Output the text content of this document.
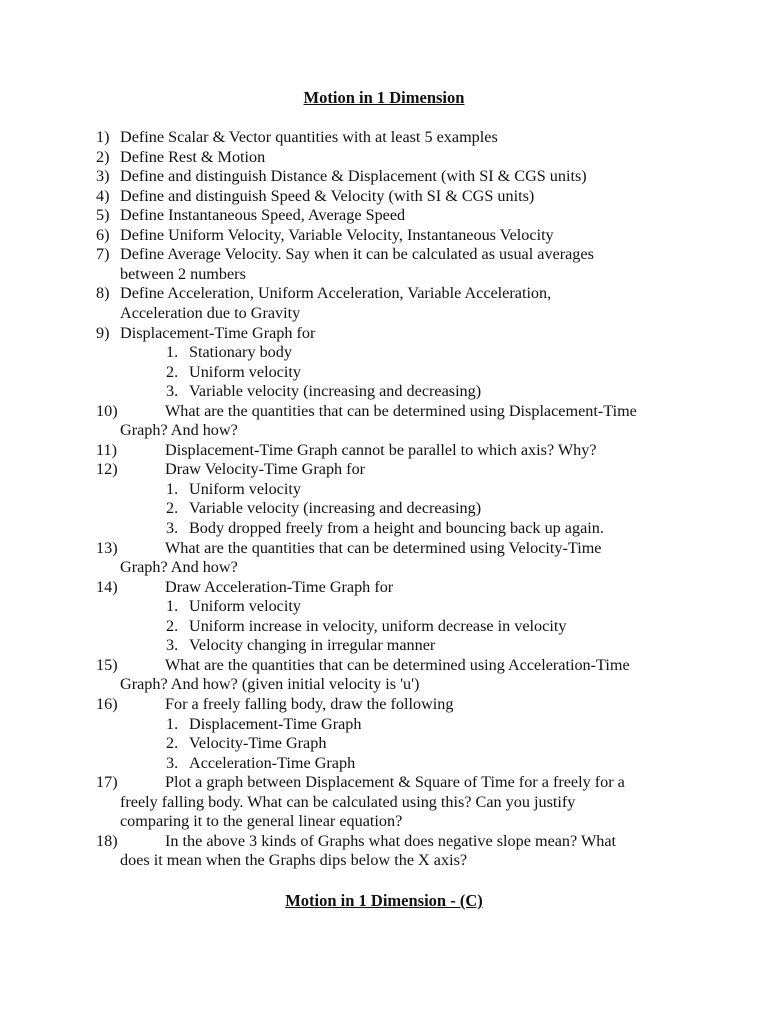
Motion in 1 Dimension
1) Define Scalar & Vector quantities with at least 5 examples
2) Define Rest & Motion
3) Define and distinguish Distance & Displacement (with SI & CGS units)
4) Define and distinguish Speed & Velocity (with SI & CGS units)
5) Define Instantaneous Speed, Average Speed
6) Define Uniform Velocity, Variable Velocity, Instantaneous Velocity
7) Define Average Velocity. Say when it can be calculated as usual averages
between 2 numbers
8) Define Acceleration, Uniform Acceleration, Variable Acceleration,
Acceleration due to Gravity
9) Displacement-Time Graph for
1. Stationary body
2. Uniform velocity
3. Variable velocity (increasing and decreasing)
10)	What are the quantities that can be determined using Displacement-Time
Graph? And how?
11)	Displacement-Time Graph cannot be parallel to which axis? Why?
12)	Draw Velocity-Time Graph for
1. Uniform velocity
2. Variable velocity (increasing and decreasing)
3. Body dropped freely from a height and bouncing back up again.
13)	What are the quantities that can be determined using Velocity-Time
Graph? And how?
14)	Draw Acceleration-Time Graph for
1. Uniform velocity
2. Uniform increase in velocity, uniform decrease in velocity
3. Velocity changing in irregular manner
15)	What are the quantities that can be determined using Acceleration-Time
Graph? And how? (given initial velocity is 'u')
16)	For a freely falling body, draw the following
1. Displacement-Time Graph
2. Velocity-Time Graph
3. Acceleration-Time Graph
17)	Plot a graph between Displacement & Square of Time for a freely for a
freely falling body. What can be calculated using this? Can you justify
comparing it to the general linear equation?
18)	In the above 3 kinds of Graphs what does negative slope mean? What
does it mean when the Graphs dips below the X axis?
Motion in 1 Dimension - (C)
